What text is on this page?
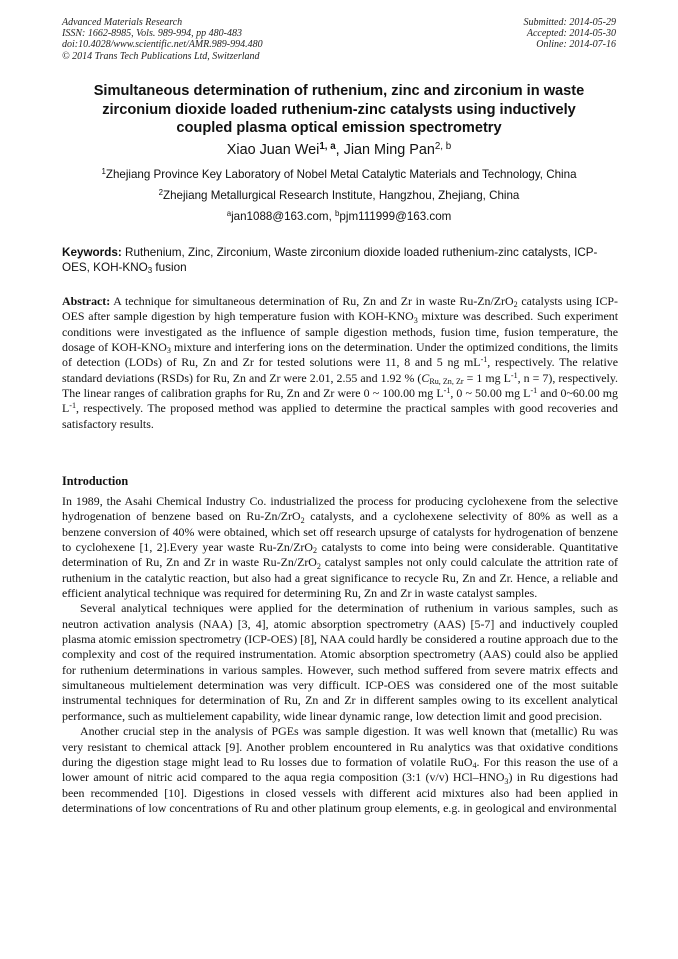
Advanced Materials Research
ISSN: 1662-8985, Vols. 989-994, pp 480-483
doi:10.4028/www.scientific.net/AMR.989-994.480
© 2014 Trans Tech Publications Ltd, Switzerland
Submitted: 2014-05-29
Accepted: 2014-05-30
Online: 2014-07-16
Simultaneous determination of ruthenium, zinc and zirconium in waste
zirconium dioxide loaded ruthenium-zinc catalysts using inductively
coupled plasma optical emission spectrometry
Xiao Juan Wei$^{1, a}$, Jian Ming Pan$^{2, b}$
$^1$Zhejiang Province Key Laboratory of Nobel Metal Catalytic Materials and Technology, China
$^2$Zhejiang Metallurgical Research Institute, Hangzhou, Zhejiang, China
$^a$jan1088@163.com, $^b$pjm111999@163.com
Keywords: Ruthenium, Zinc, Zirconium, Waste zirconium dioxide loaded ruthenium-zinc catalysts, ICP-OES, KOH-$KNO_3$ fusion
Abstract: A technique for simultaneous determination of Ru, Zn and Zr in waste Ru-Zn/ZrO$_2$ catalysts using ICP-OES after sample digestion by high temperature fusion with KOH-$KNO_3$ mixture was described. Such experiment conditions were investigated as the influence of sample digestion methods, fusion time, fusion temperature, the dosage of KOH-$KNO_3$ mixture and interfering ions on the determination. Under the optimized conditions, the limits of detection (LODs) of Ru, Zn and Zr for tested solutions were 11, 8 and 5 ng $mL^{-1}$, respectively. The relative standard deviations (RSDs) for Ru, Zn and Zr were 2.01, 2.55 and 1.92 % ($C_{Ru, Zn, Zr} = 1$ mg $L^{-1}$, n = 7), respectively. The linear ranges of calibration graphs for Ru, Zn and Zr were 0 ~ 100.00 mg $L^{-1}$, 0 ~ 50.00 mg $L^{-1}$ and 0~60.00 mg $L^{-1}$, respectively. The proposed method was applied to determine the practical samples with good recoveries and satisfactory results.
Introduction

In 1989, the Asahi Chemical Industry Co. industrialized the process for producing cyclohexene from the selective hydrogenation of benzene based on Ru-Zn/ZrO$_2$ catalysts, and a cyclohexene selectivity of 80% as well as a benzene conversion of 40% were obtained, which set off research upsurge of catalysts for hydrogenation of benzene to cyclohexene [1, 2].Every year waste Ru-Zn/ZrO$_2$ catalysts to come into being were considerable. Quantitative determination of Ru, Zn and Zr in waste Ru-Zn/ZrO$_2$ catalyst samples not only could calculate the attrition rate of ruthenium in the catalytic reaction, but also had a great significance to recycle Ru, Zn and Zr. Hence, a reliable and efficient analytical technique was required for determining Ru, Zn and Zr in waste catalyst samples.

Several analytical techniques were applied for the determination of ruthenium in various samples, such as neutron activation analysis (NAA) [3, 4], atomic absorption spectrometry (AAS) [5-7] and inductively coupled plasma atomic emission spectrometry (ICP-OES) [8], NAA could hardly be considered a routine approach due to the complexity and cost of the required instrumentation. Atomic absorption spectrometry (AAS) could also be applied for ruthenium determinations in various samples. However, such method suffered from severe matrix effects and simultaneous multielement determination was very difficult. ICP-OES was considered one of the most suitable instrumental techniques for determination of Ru, Zn and Zr in different samples owing to its excellent analytical performance, such as multielement capability, wide linear dynamic range, low detection limit and good precision.

Another crucial step in the analysis of PGEs was sample digestion. It was well known that (metallic) Ru was very resistant to chemical attack [9]. Another problem encountered in Ru analytics was that oxidative conditions during the digestion stage might lead to Ru losses due to formation of volatile RuO$_4$. For this reason the use of a lower amount of nitric acid compared to the aqua regia composition (3:1 (v/v) HCl–$HNO_3$) in Ru digestions had been recommended [10]. Digestions in closed vessels with different acid mixtures also had been applied in determinations of low concentrations of Ru and other platinum group elements, e.g. in geological and environmental
